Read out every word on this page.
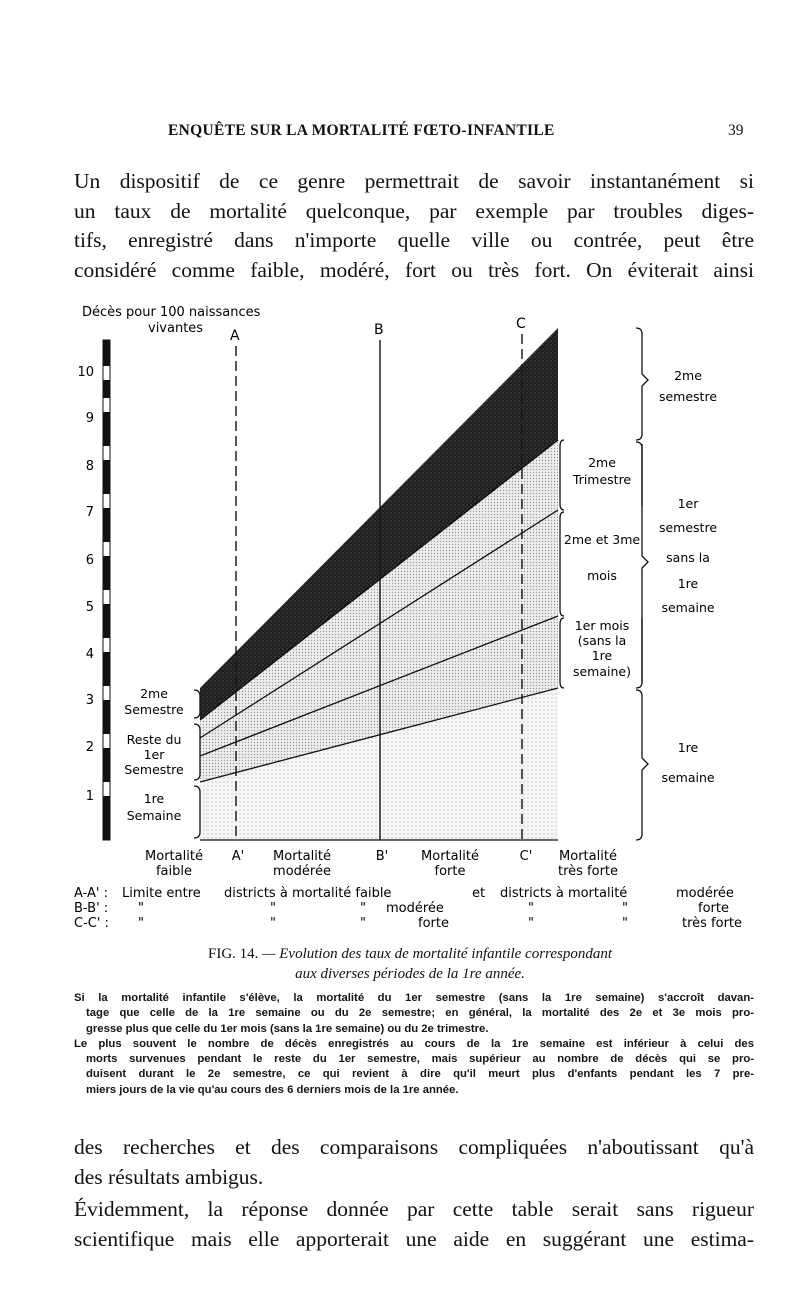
ENQUÊTE SUR LA MORTALITÉ FŒTO-INFANTILE	39

Un dispositif de ce genre permettrait de savoir instantanément si

un taux de mortalité quelconque, par exemple par troubles diges-

tifs, enregistré dans n'importe quelle ville ou contrée, peut être

considéré comme faible, modéré, fort ou très fort. On éviterait ainsi

Décès pour 100 naissances
vivantes
1
2
3
4
5
6
7
8
9
10
A	B	C
2me
Semestre
Reste du
1er
Semestre
1re
Semaine
2me
Trimestre
2me et 3me
mois
1er mois
(sans la
1re
semaine)
2me
semestre
1er
semestre
sans la
1re
semaine
1re
semaine
Mortalité
faible
A' Mortalité
modérée
B'	Mortalité
forte
C' Mortalité
très forte
A-A' : Limite entre districts à mortalité faible	et districts à mortalité	modérée
B-B' : "	"	" modérée	"	"	forte
C-C' : "	"	"	forte	"	"	très forte
FIG. 14. — Evolution des taux de mortalité infantile correspondant
aux diverses périodes de la 1re année.

Si la mortalité infantile s'élève, la mortalité du 1er semestre (sans la 1re semaine) s'accroît davan-
tage que celle de la 1re semaine ou du 2e semestre; en général, la mortalité des 2e et 3e mois pro-
gresse plus que celle du 1er mois (sans la 1re semaine) ou du 2e trimestre.

Le plus souvent le nombre de décès enregistrés au cours de la 1re semaine est inférieur à celui des
morts survenues pendant le reste du 1er semestre, mais supérieur au nombre de décès qui se pro-
duisent durant le 2e semestre, ce qui revient à dire qu'il meurt plus d'enfants pendant les 7 pre-
miers jours de la vie qu'au cours des 6 derniers mois de la 1re année.

des recherches et des comparaisons compliquées n'aboutissant qu'à

des résultats ambigus.

Évidemment, la réponse donnée par cette table serait sans rigueur

scientifique mais elle apporterait une aide en suggérant une estima-
